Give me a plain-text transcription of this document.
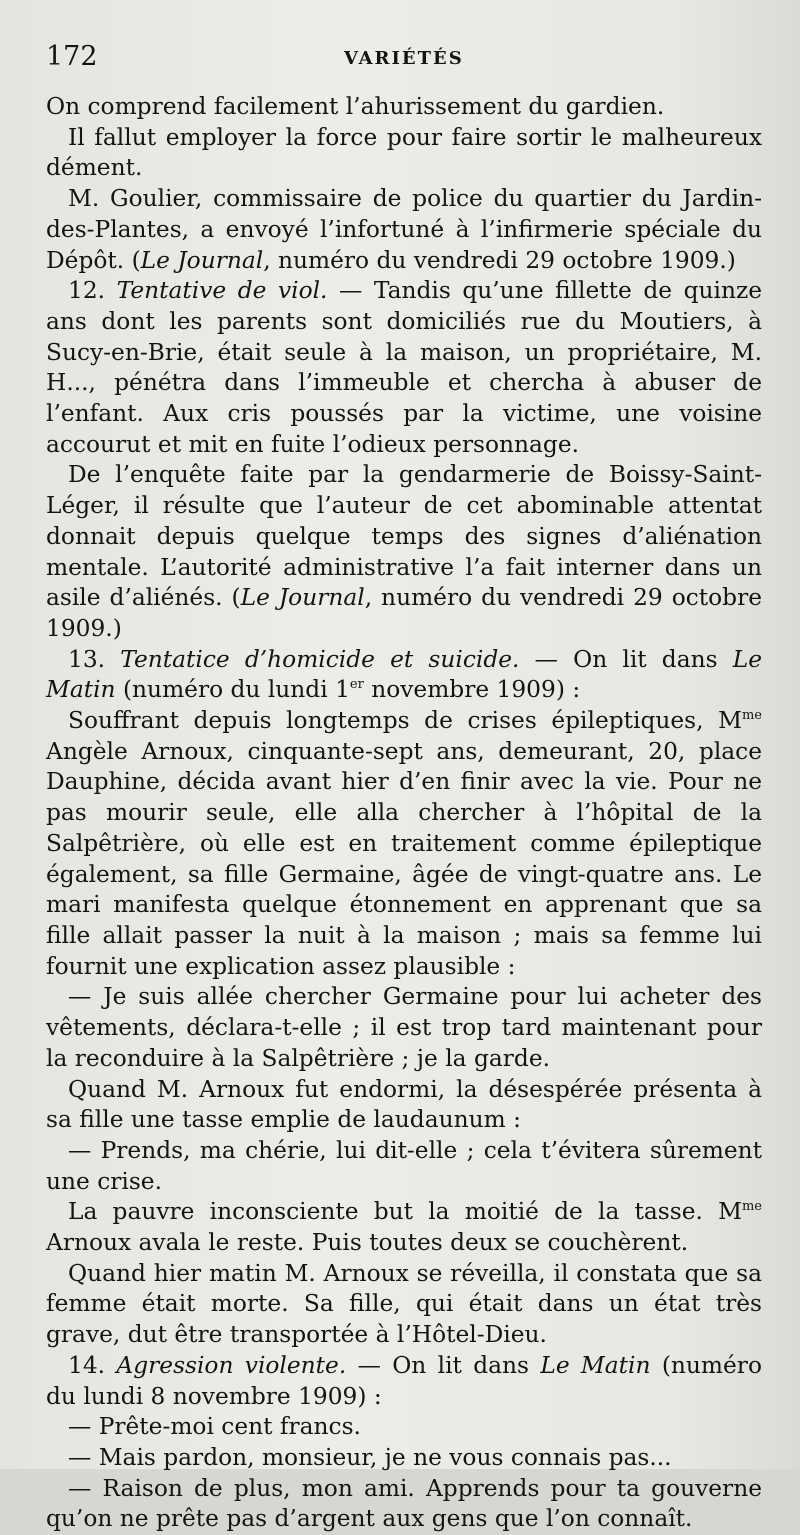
172	VARIÉTÉS

On comprend facilement l’ahurissement du gardien.

Il fallut employer la force pour faire sortir le malheureux dément.

M. Goulier, commissaire de police du quartier du Jardin-des-Plantes, a envoyé l’infortuné à l’infirmerie spéciale du Dépôt. (Le Journal, numéro du vendredi 29 octobre 1909.)

12. Tentative de viol. — Tandis qu’une fillette de quinze ans dont les parents sont domiciliés rue du Moutiers, à Sucy-en-Brie, était seule à la maison, un propriétaire, M. H..., pénétra dans l’immeuble et chercha à abuser de l’enfant. Aux cris poussés par la victime, une voisine accourut et mit en fuite l’odieux personnage.

De l’enquête faite par la gendarmerie de Boissy-Saint-Léger, il résulte que l’auteur de cet abominable attentat donnait depuis quelque temps des signes d’aliénation mentale. L’autorité administrative l’a fait interner dans un asile d’aliénés. (Le Journal, numéro du vendredi 29 octobre 1909.)

13. Tentatice d’homicide et suicide. — On lit dans Le Matin (numéro du lundi 1er novembre 1909) :

Souffrant depuis longtemps de crises épileptiques, $M^{me}$ Angèle Arnoux, cinquante-sept ans, demeurant, 20, place Dauphine, décida avant hier d’en finir avec la vie. Pour ne pas mourir seule, elle alla chercher à l’hôpital de la Salpêtrière, où elle est en traitement comme épileptique également, sa fille Germaine, âgée de vingt-quatre ans. Le mari manifesta quelque étonnement en apprenant que sa fille allait passer la nuit à la maison ; mais sa femme lui fournit une explication assez plausible :

— Je suis allée chercher Germaine pour lui acheter des vêtements, déclara-t-elle ; il est trop tard maintenant pour la reconduire à la Salpêtrière ; je la garde.

Quand M. Arnoux fut endormi, la désespérée présenta à sa fille une tasse emplie de laudaunum :

— Prends, ma chérie, lui dit-elle ; cela t’évitera sûrement une crise.

La pauvre inconsciente but la moitié de la tasse. $M^{me}$ Arnoux avala le reste. Puis toutes deux se couchèrent.

Quand hier matin M. Arnoux se réveilla, il constata que sa femme était morte. Sa fille, qui était dans un état très grave, dut être transportée à l’Hôtel-Dieu.

14. Agression violente. — On lit dans Le Matin (numéro du lundi 8 novembre 1909) :

— Prête-moi cent francs.

— Mais pardon, monsieur, je ne vous connais pas...

— Raison de plus, mon ami. Apprends pour ta gouverne qu’on ne prête pas d’argent aux gens que l’on connaît.
